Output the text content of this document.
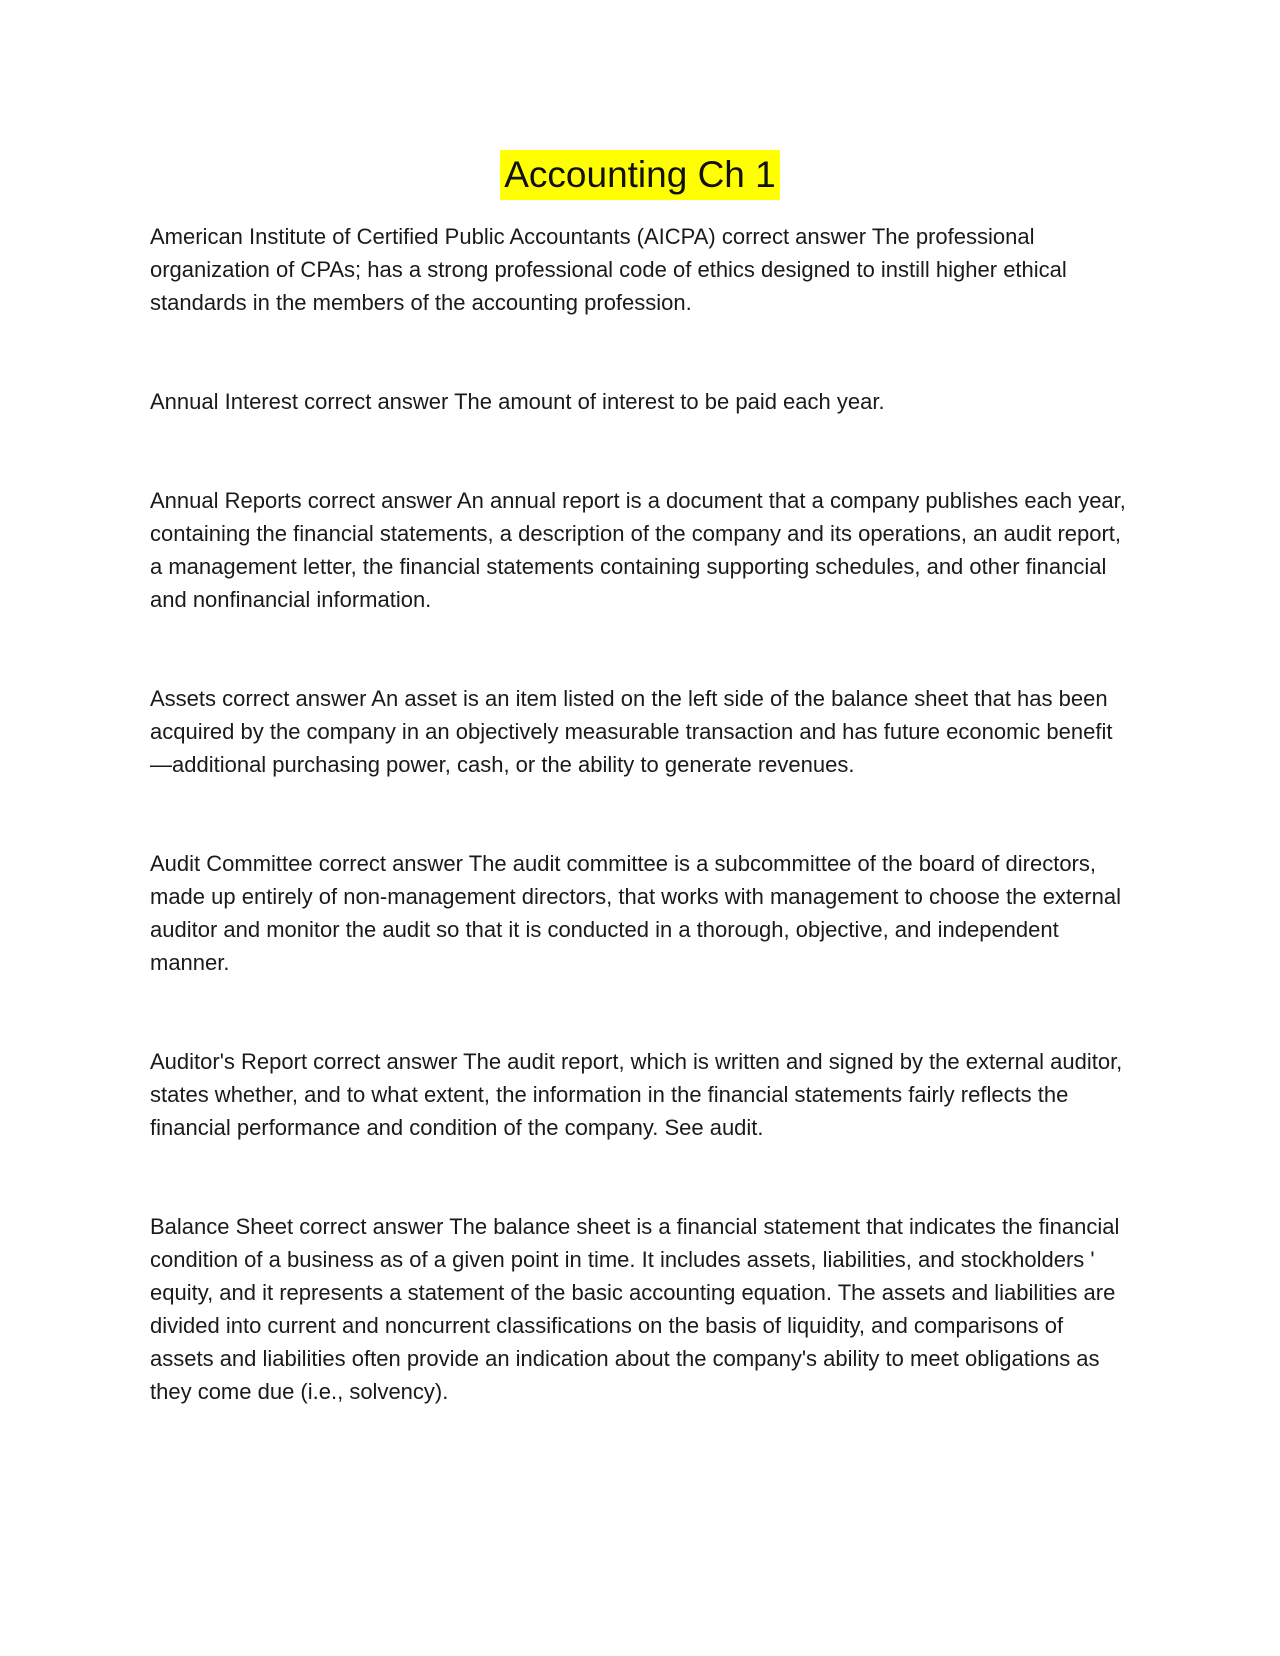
Accounting Ch 1

American Institute of Certified Public Accountants (AICPA) correct answer The professional organization of CPAs; has a strong professional code of ethics designed to instill higher ethical standards in the members of the accounting profession.

Annual Interest correct answer The amount of interest to be paid each year.

Annual Reports correct answer An annual report is a document that a company publishes each year, containing the financial statements, a description of the company and its operations, an audit report, a management letter, the financial statements containing supporting schedules, and other financial and nonfinancial information.

Assets correct answer An asset is an item listed on the left side of the balance sheet that has been acquired by the company in an objectively measurable transaction and has future economic benefit—additional purchasing power, cash, or the ability to generate revenues.

Audit Committee correct answer The audit committee is a subcommittee of the board of directors, made up entirely of non-management directors, that works with management to choose the external auditor and monitor the audit so that it is conducted in a thorough, objective, and independent manner.

Auditor's Report correct answer The audit report, which is written and signed by the external auditor, states whether, and to what extent, the information in the financial statements fairly reflects the financial performance and condition of the company. See audit.

Balance Sheet correct answer The balance sheet is a financial statement that indicates the financial condition of a business as of a given point in time. It includes assets, liabilities, and stockholders ' equity, and it represents a statement of the basic accounting equation. The assets and liabilities are divided into current and noncurrent classifications on the basis of liquidity, and comparisons of assets and liabilities often provide an indication about the company's ability to meet obligations as they come due (i.e., solvency).
